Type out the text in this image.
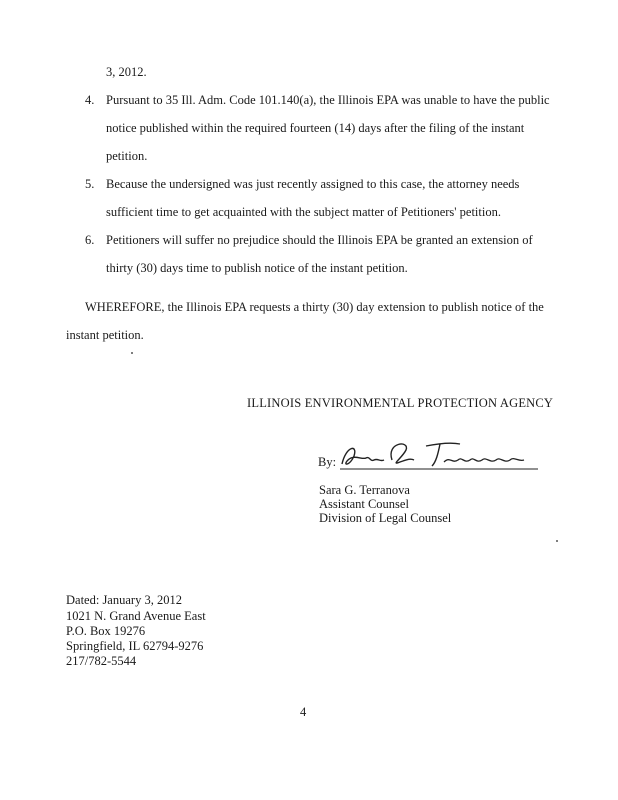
3, 2012.
4. Pursuant to 35 Ill. Adm. Code 101.140(a), the Illinois EPA was unable to have the public
notice published within the required fourteen (14) days after the filing of the instant
petition.
5. Because the undersigned was just recently assigned to this case, the attorney needs
sufficient time to get acquainted with the subject matter of Petitioners' petition.
6. Petitioners will suffer no prejudice should the Illinois EPA be granted an extension of
thirty (30) days time to publish notice of the instant petition.
WHEREFORE, the Illinois EPA requests a thirty (30) day extension to publish notice of the
instant petition.
ILLINOIS ENVIRONMENTAL PROTECTION AGENCY
By:
Sara G. Terranova
Assistant Counsel
Division of Legal Counsel
Dated: January 3, 2012
1021 N. Grand Avenue East
P.O. Box 19276
Springfield, IL 62794-9276
217/782-5544
4
